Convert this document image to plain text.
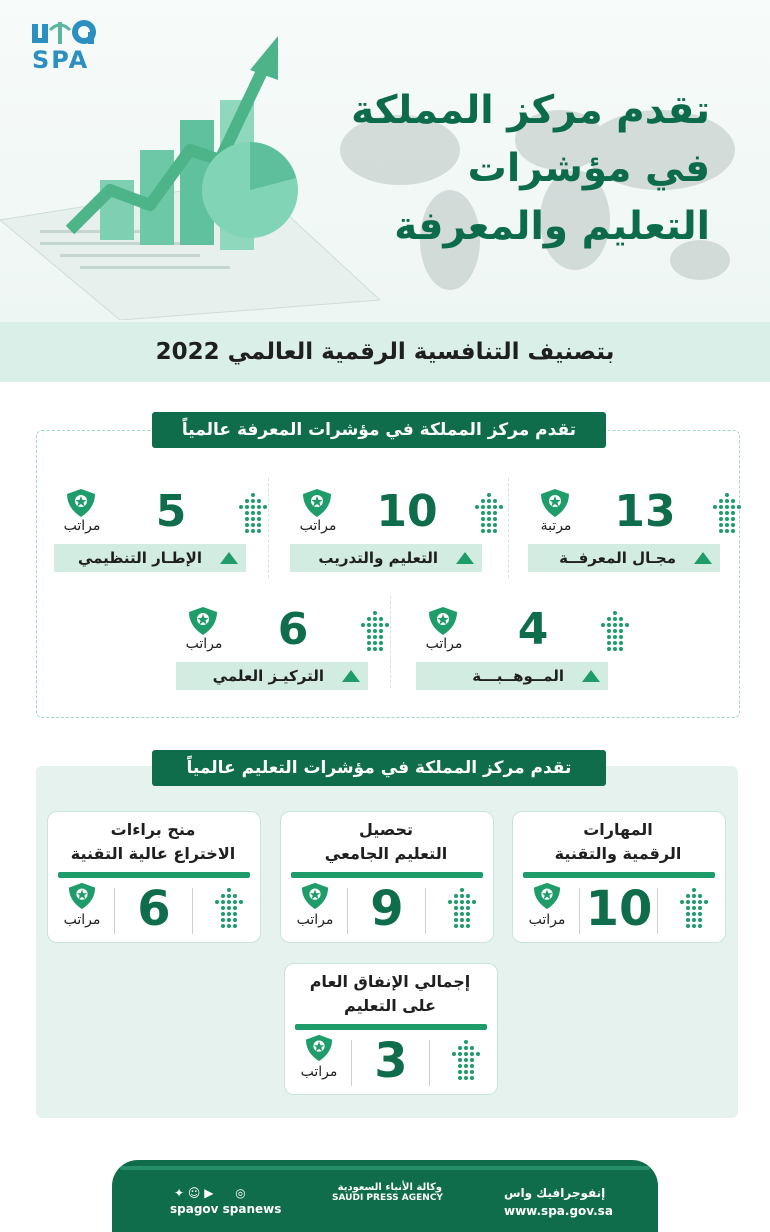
SPA
تقدم مركز المملكة
في مؤشرات
التعليم والمعرفة
بتصنيف التنافسية الرقمية العالمي 2022
تقدم مركز المملكة في مؤشرات المعرفة عالمياً
13
مرتبة
مجـال المعرفــة
10
مراتب
التعليم والتدريب
5
مراتب
الإطـار التنظيمي
4
مراتب
المــوهــبـــة
6
مراتب
التركيـز العلمي
تقدم مركز المملكة في مؤشرات التعليم عالمياً
المهارات
الرقمية والتقنية
10
مراتب
تحصيل
التعليم الجامعي
9
مراتب
منح براءات
الاختراع عالية التقنية
6
مراتب
إجمالي الإنفاق العام
على التعليم
3
مراتب
✦ ☺ ▶ ◎
spagov spanews
وكالة الأنباء السعودية
SAUDI PRESS AGENCY	إنفوجرافيك واس
www.spa.gov.sa
